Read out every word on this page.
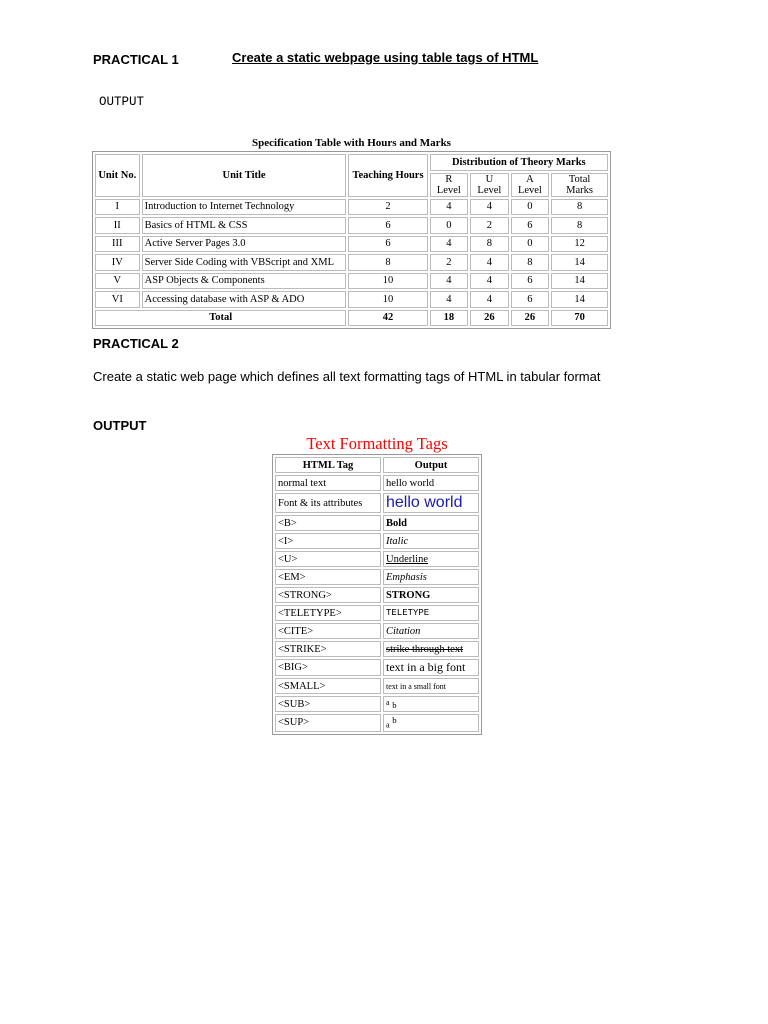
PRACTICAL 1	Create a static webpage using table tags of HTML
OUTPUT
Specification Table with Hours and Marks
Unit No.	Unit Title	Teaching Hours	Distribution of Theory Marks			
			R Level	U Level	A Level	Total Marks
I	Introduction to Internet Technology	2	4	4	0	8
II	Basics of HTML & CSS	6	0	2	6	8
III	Active Server Pages 3.0	6	4	8	0	12
IV	Server Side Coding with VBScript and XML	8	2	4	8	14
V	ASP Objects & Components	10	4	4	6	14
VI	Accessing database with ASP & ADO	10	4	4	6	14
Total		42	18	26	26	70
PRACTICAL 2
Create a static web page which defines all text formatting tags of HTML in tabular format
OUTPUT
Text Formatting Tags
HTML Tag	Output
normal text	hello world
Font & its attributes	hello world
<B>	Bold
<I>	Italic
<U>	Underline
<EM>	Emphasis
<STRONG>	STRONG
<TELETYPE>	TELETYPE
<CITE>	Citation
<STRIKE>	strike through text
<BIG>	text in a big font
<SMALL>	text in a small font
<SUB>	a $_b$
<SUP>	a $^b$
